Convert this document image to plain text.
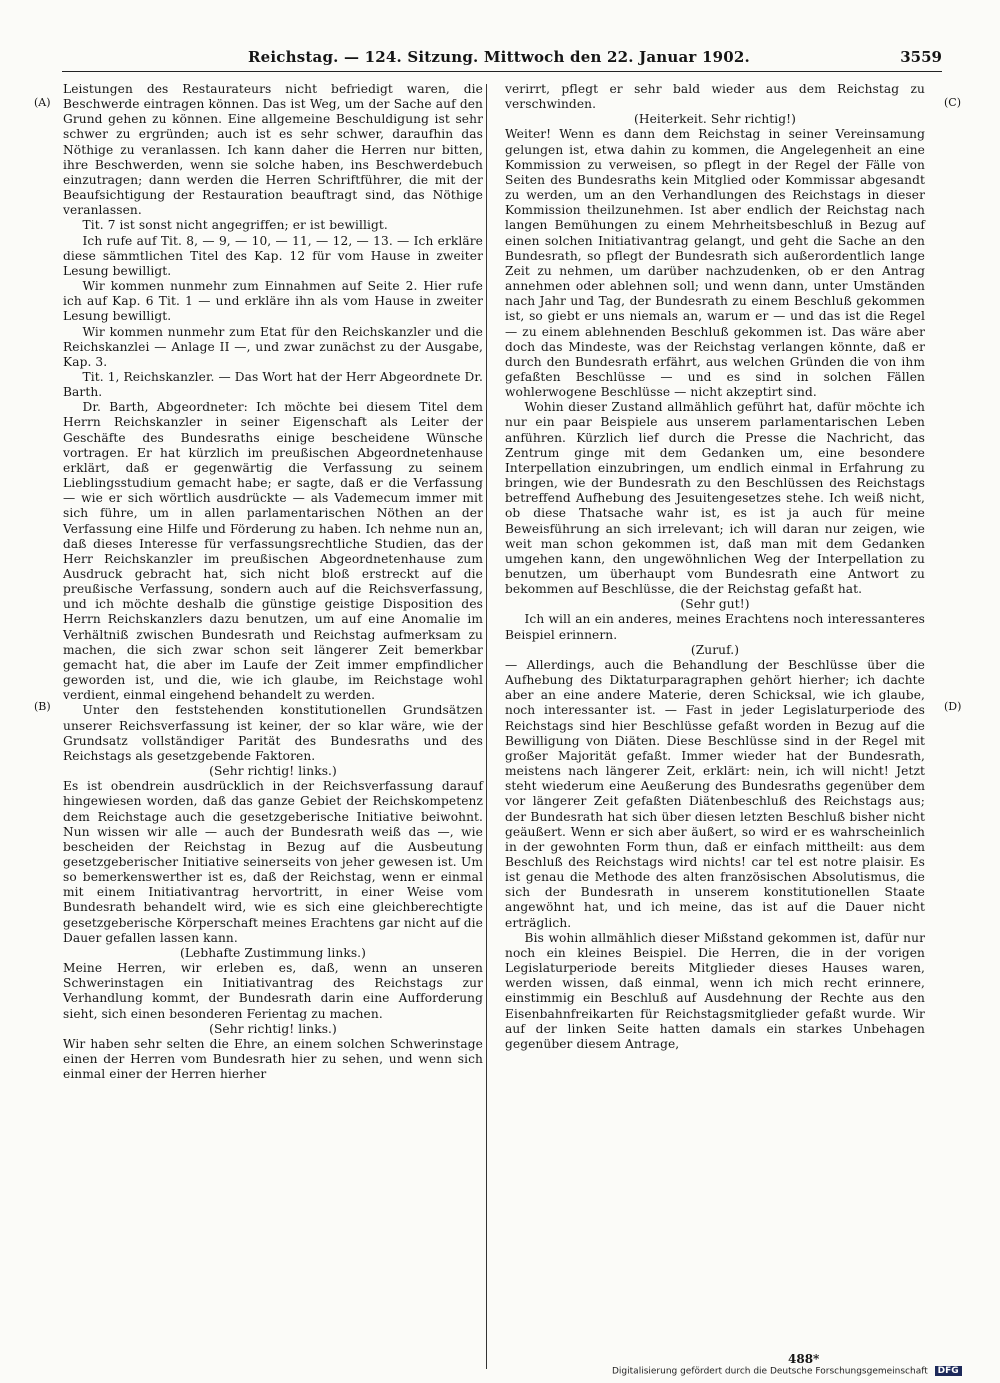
Reichstag. — 124. Sitzung. Mittwoch den 22. Januar 1902.	3559
(A)
(B)
(C)
(D)

Leistungen des Restaurateurs nicht befriedigt waren, die Beschwerde eintragen können. Das ist Weg, um der Sache auf den Grund gehen zu können. Eine allgemeine Beschuldigung ist sehr schwer zu ergründen; auch ist es sehr schwer, daraufhin das Nöthige zu veranlassen. Ich kann daher die Herren nur bitten, ihre Beschwerden, wenn sie solche haben, ins Beschwerdebuch einzutragen; dann werden die Herren Schriftführer, die mit der Beaufsichtigung der Restauration beauftragt sind, das Nöthige veranlassen.

Tit. 7 ist sonst nicht angegriffen; er ist bewilligt.

Ich rufe auf Tit. 8, — 9, — 10, — 11, — 12, — 13. — Ich erkläre diese sämmtlichen Titel des Kap. 12 für vom Hause in zweiter Lesung bewilligt.

Wir kommen nunmehr zum Einnahmen auf Seite 2. Hier rufe ich auf Kap. 6 Tit. 1 — und erkläre ihn als vom Hause in zweiter Lesung bewilligt.

Wir kommen nunmehr zum Etat für den Reichskanzler und die Reichskanzlei — Anlage II —, und zwar zunächst zu der Ausgabe, Kap. 3.

Tit. 1, Reichskanzler. — Das Wort hat der Herr Abgeordnete Dr. Barth.

Dr. Barth, Abgeordneter: Ich möchte bei diesem Titel dem Herrn Reichskanzler in seiner Eigenschaft als Leiter der Geschäfte des Bundesraths einige bescheidene Wünsche vortragen. Er hat kürzlich im preußischen Abgeordnetenhause erklärt, daß er gegenwärtig die Verfassung zu seinem Lieblingsstudium gemacht habe; er sagte, daß er die Verfassung — wie er sich wörtlich ausdrückte — als Vademecum immer mit sich führe, um in allen parlamentarischen Nöthen an der Verfassung eine Hilfe und Förderung zu haben. Ich nehme nun an, daß dieses Interesse für verfassungsrechtliche Studien, das der Herr Reichskanzler im preußischen Abgeordnetenhause zum Ausdruck gebracht hat, sich nicht bloß erstreckt auf die preußische Verfassung, sondern auch auf die Reichsverfassung, und ich möchte deshalb die günstige geistige Disposition des Herrn Reichskanzlers dazu benutzen, um auf eine Anomalie im Verhältniß zwischen Bundesrath und Reichstag aufmerksam zu machen, die sich zwar schon seit längerer Zeit bemerkbar gemacht hat, die aber im Laufe der Zeit immer empfindlicher geworden ist, und die, wie ich glaube, im Reichstage wohl verdient, einmal eingehend behandelt zu werden.

Unter den feststehenden konstitutionellen Grundsätzen unserer Reichsverfassung ist keiner, der so klar wäre, wie der Grundsatz vollständiger Parität des Bundesraths und des Reichstags als gesetzgebende Faktoren.

(Sehr richtig! links.)

Es ist obendrein ausdrücklich in der Reichsverfassung darauf hingewiesen worden, daß das ganze Gebiet der Reichskompetenz dem Reichstage auch die gesetzgeberische Initiative beiwohnt. Nun wissen wir alle — auch der Bundesrath weiß das —, wie bescheiden der Reichstag in Bezug auf die Ausbeutung gesetzgeberischer Initiative seinerseits von jeher gewesen ist. Um so bemerkenswerther ist es, daß der Reichstag, wenn er einmal mit einem Initiativantrag hervortritt, in einer Weise vom Bundesrath behandelt wird, wie es sich eine gleichberechtigte gesetzgeberische Körperschaft meines Erachtens gar nicht auf die Dauer gefallen lassen kann.

(Lebhafte Zustimmung links.)

Meine Herren, wir erleben es, daß, wenn an unseren Schwerinstagen ein Initiativantrag des Reichstags zur Verhandlung kommt, der Bundesrath darin eine Aufforderung sieht, sich einen besonderen Ferientag zu machen.

(Sehr richtig! links.)

Wir haben sehr selten die Ehre, an einem solchen Schwerinstage einen der Herren vom Bundesrath hier zu sehen, und wenn sich einmal einer der Herren hierher

verirrt, pflegt er sehr bald wieder aus dem Reichstag zu verschwinden.

(Heiterkeit. Sehr richtig!)

Weiter! Wenn es dann dem Reichstag in seiner Vereinsamung gelungen ist, etwa dahin zu kommen, die Angelegenheit an eine Kommission zu verweisen, so pflegt in der Regel der Fälle von Seiten des Bundesraths kein Mitglied oder Kommissar abgesandt zu werden, um an den Verhandlungen des Reichstags in dieser Kommission theilzunehmen. Ist aber endlich der Reichstag nach langen Bemühungen zu einem Mehrheitsbeschluß in Bezug auf einen solchen Initiativantrag gelangt, und geht die Sache an den Bundesrath, so pflegt der Bundesrath sich außerordentlich lange Zeit zu nehmen, um darüber nachzudenken, ob er den Antrag annehmen oder ablehnen soll; und wenn dann, unter Umständen nach Jahr und Tag, der Bundesrath zu einem Beschluß gekommen ist, so giebt er uns niemals an, warum er — und das ist die Regel — zu einem ablehnenden Beschluß gekommen ist. Das wäre aber doch das Mindeste, was der Reichstag verlangen könnte, daß er durch den Bundesrath erfährt, aus welchen Gründen die von ihm gefaßten Beschlüsse — und es sind in solchen Fällen wohlerwogene Beschlüsse — nicht akzeptirt sind.

Wohin dieser Zustand allmählich geführt hat, dafür möchte ich nur ein paar Beispiele aus unserem parlamentarischen Leben anführen. Kürzlich lief durch die Presse die Nachricht, das Zentrum ginge mit dem Gedanken um, eine besondere Interpellation einzubringen, um endlich einmal in Erfahrung zu bringen, wie der Bundesrath zu den Beschlüssen des Reichstags betreffend Aufhebung des Jesuitengesetzes stehe. Ich weiß nicht, ob diese Thatsache wahr ist, es ist ja auch für meine Beweisführung an sich irrelevant; ich will daran nur zeigen, wie weit man schon gekommen ist, daß man mit dem Gedanken umgehen kann, den ungewöhnlichen Weg der Interpellation zu benutzen, um überhaupt vom Bundesrath eine Antwort zu bekommen auf Beschlüsse, die der Reichstag gefaßt hat.

(Sehr gut!)

Ich will an ein anderes, meines Erachtens noch interessanteres Beispiel erinnern.

(Zuruf.)

— Allerdings, auch die Behandlung der Beschlüsse über die Aufhebung des Diktaturparagraphen gehört hierher; ich dachte aber an eine andere Materie, deren Schicksal, wie ich glaube, noch interessanter ist. — Fast in jeder Legislaturperiode des Reichstags sind hier Beschlüsse gefaßt worden in Bezug auf die Bewilligung von Diäten. Diese Beschlüsse sind in der Regel mit großer Majorität gefaßt. Immer wieder hat der Bundesrath, meistens nach längerer Zeit, erklärt: nein, ich will nicht! Jetzt steht wiederum eine Aeußerung des Bundesraths gegenüber dem vor längerer Zeit gefaßten Diätenbeschluß des Reichstags aus; der Bundesrath hat sich über diesen letzten Beschluß bisher nicht geäußert. Wenn er sich aber äußert, so wird er es wahrscheinlich in der gewohnten Form thun, daß er einfach mittheilt: aus dem Beschluß des Reichstags wird nichts! car tel est notre plaisir. Es ist genau die Methode des alten französischen Absolutismus, die sich der Bundesrath in unserem konstitutionellen Staate angewöhnt hat, und ich meine, das ist auf die Dauer nicht erträglich.

Bis wohin allmählich dieser Mißstand gekommen ist, dafür nur noch ein kleines Beispiel. Die Herren, die in der vorigen Legislaturperiode bereits Mitglieder dieses Hauses waren, werden wissen, daß einmal, wenn ich mich recht erinnere, einstimmig ein Beschluß auf Ausdehnung der Rechte aus den Eisenbahnfreikarten für Reichstagsmitglieder gefaßt wurde. Wir auf der linken Seite hatten damals ein starkes Unbehagen gegenüber diesem Antrage,

488*
Digitalisierung gefördert durch die Deutsche Forschungsgemeinschaft DFG
